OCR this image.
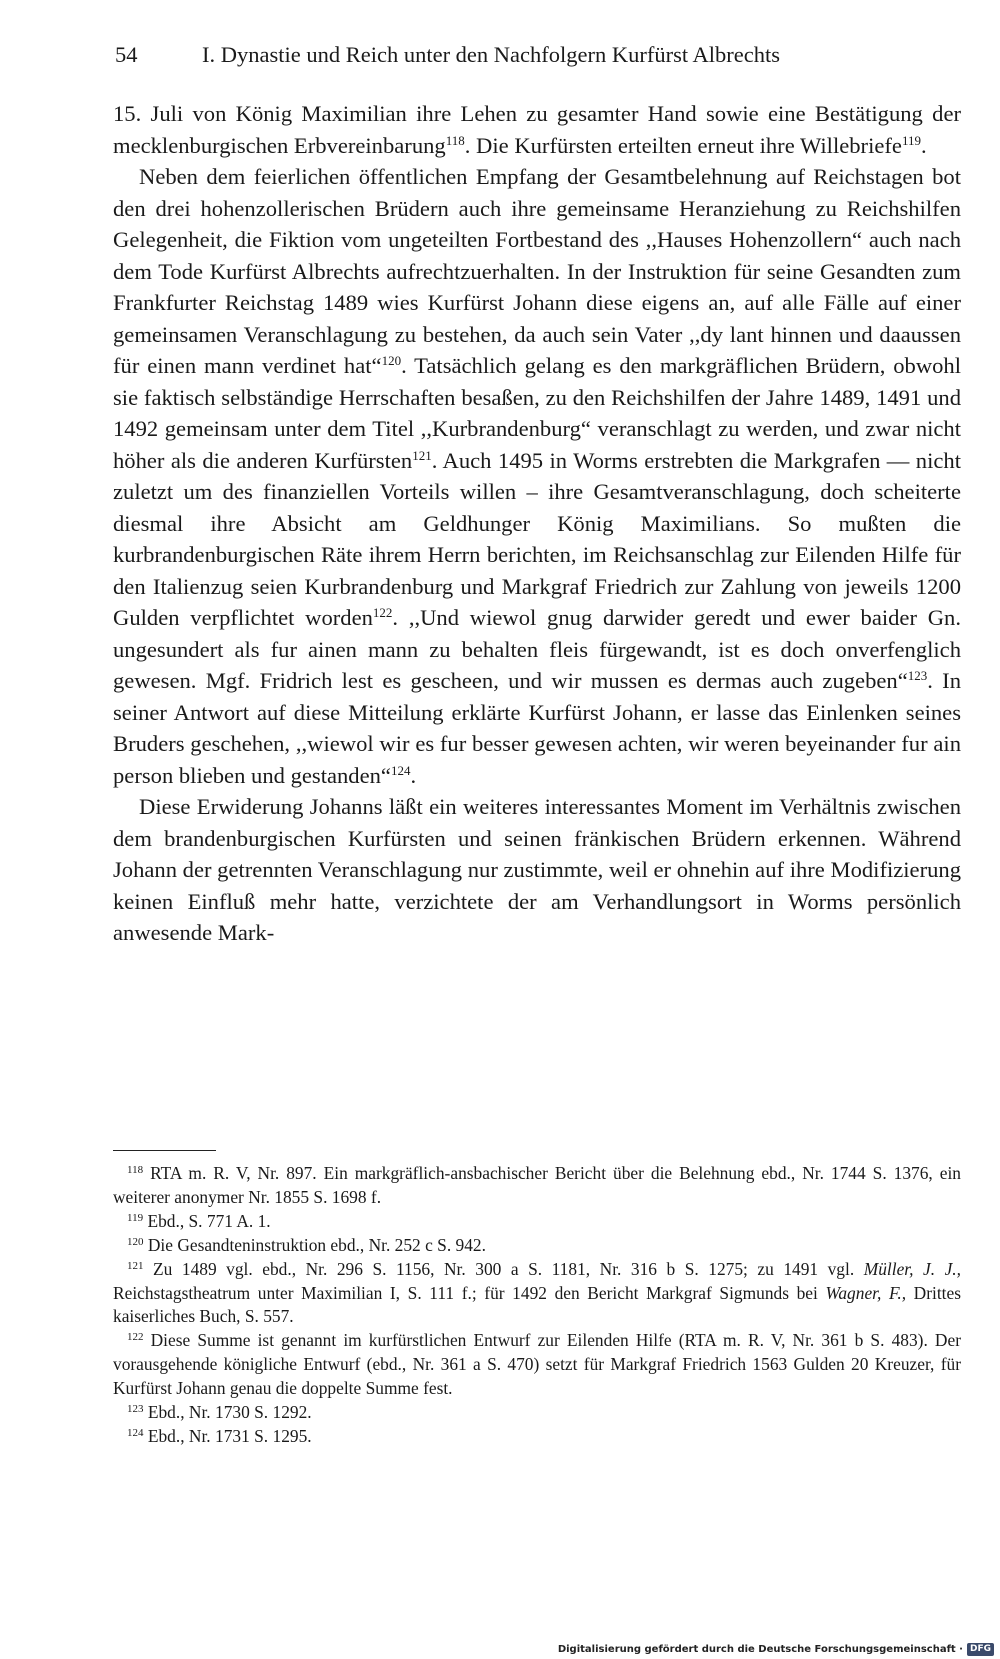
54	I. Dynastie und Reich unter den Nachfolgern Kurfürst Albrechts

15. Juli von König Maximilian ihre Lehen zu gesamter Hand sowie eine Bestätigung der mecklenburgischen Erbvereinbarung$^{118}$. Die Kurfürsten erteilten erneut ihre Willebriefe$^{119}$.

Neben dem feierlichen öffentlichen Empfang der Gesamtbelehnung auf Reichstagen bot den drei hohenzollerischen Brüdern auch ihre gemeinsame Heranziehung zu Reichshilfen Gelegenheit, die Fiktion vom ungeteilten Fortbestand des ,,Hauses Hohenzollern“ auch nach dem Tode Kurfürst Albrechts aufrechtzuerhalten. In der Instruktion für seine Gesandten zum Frankfurter Reichstag 1489 wies Kurfürst Johann diese eigens an, auf alle Fälle auf einer gemeinsamen Veranschlagung zu bestehen, da auch sein Vater ,,dy lant hinnen und daaussen für einen mann verdinet hat“$^{120}$. Tatsächlich gelang es den markgräflichen Brüdern, obwohl sie faktisch selbständige Herrschaften besaßen, zu den Reichshilfen der Jahre 1489, 1491 und 1492 gemeinsam unter dem Titel ,,Kurbrandenburg“ veranschlagt zu werden, und zwar nicht höher als die anderen Kurfürsten$^{121}$. Auch 1495 in Worms erstrebten die Markgrafen — nicht zuletzt um des finanziellen Vorteils willen – ihre Gesamtveranschlagung, doch scheiterte diesmal ihre Absicht am Geldhunger König Maximilians. So mußten die kurbrandenburgischen Räte ihrem Herrn berichten, im Reichsanschlag zur Eilenden Hilfe für den Italienzug seien Kurbrandenburg und Markgraf Friedrich zur Zahlung von jeweils 1200 Gulden verpflichtet worden$^{122}$. ,,Und wiewol gnug darwider geredt und ewer baider Gn. ungesundert als fur ainen mann zu behalten fleis fürgewandt, ist es doch onverfenglich gewesen. Mgf. Fridrich lest es gescheen, und wir mussen es dermas auch zugeben“$^{123}$. In seiner Antwort auf diese Mitteilung erklärte Kurfürst Johann, er lasse das Einlenken seines Bruders geschehen, ,,wiewol wir es fur besser gewesen achten, wir weren beyeinander fur ain person blieben und gestanden“$^{124}$.

Diese Erwiderung Johanns läßt ein weiteres interessantes Moment im Verhältnis zwischen dem brandenburgischen Kurfürsten und seinen fränkischen Brüdern erkennen. Während Johann der getrennten Veranschlagung nur zustimmte, weil er ohnehin auf ihre Modifizierung keinen Einfluß mehr hatte, verzichtete der am Verhandlungsort in Worms persönlich anwesende Mark-

$^{118}$ RTA m. R. V, Nr. 897. Ein markgräflich-ansbachischer Bericht über die Belehnung ebd., Nr. 1744 S. 1376, ein weiterer anonymer Nr. 1855 S. 1698 f.

$^{119}$ Ebd., S. 771 A. 1.

$^{120}$ Die Gesandteninstruktion ebd., Nr. 252 c S. 942.

$^{121}$ Zu 1489 vgl. ebd., Nr. 296 S. 1156, Nr. 300 a S. 1181, Nr. 316 b S. 1275; zu 1491 vgl. Müller, J. J., Reichstagstheatrum unter Maximilian I, S. 111 f.; für 1492 den Bericht Markgraf Sigmunds bei Wagner, F., Drittes kaiserliches Buch, S. 557.

$^{122}$ Diese Summe ist genannt im kurfürstlichen Entwurf zur Eilenden Hilfe (RTA m. R. V, Nr. 361 b S. 483). Der vorausgehende königliche Entwurf (ebd., Nr. 361 a S. 470) setzt für Markgraf Friedrich 1563 Gulden 20 Kreuzer, für Kurfürst Johann genau die doppelte Summe fest.

$^{123}$ Ebd., Nr. 1730 S. 1292.

$^{124}$ Ebd., Nr. 1731 S. 1295.

Digitalisierung gefördert durch die Deutsche Forschungsgemeinschaft · DFG
